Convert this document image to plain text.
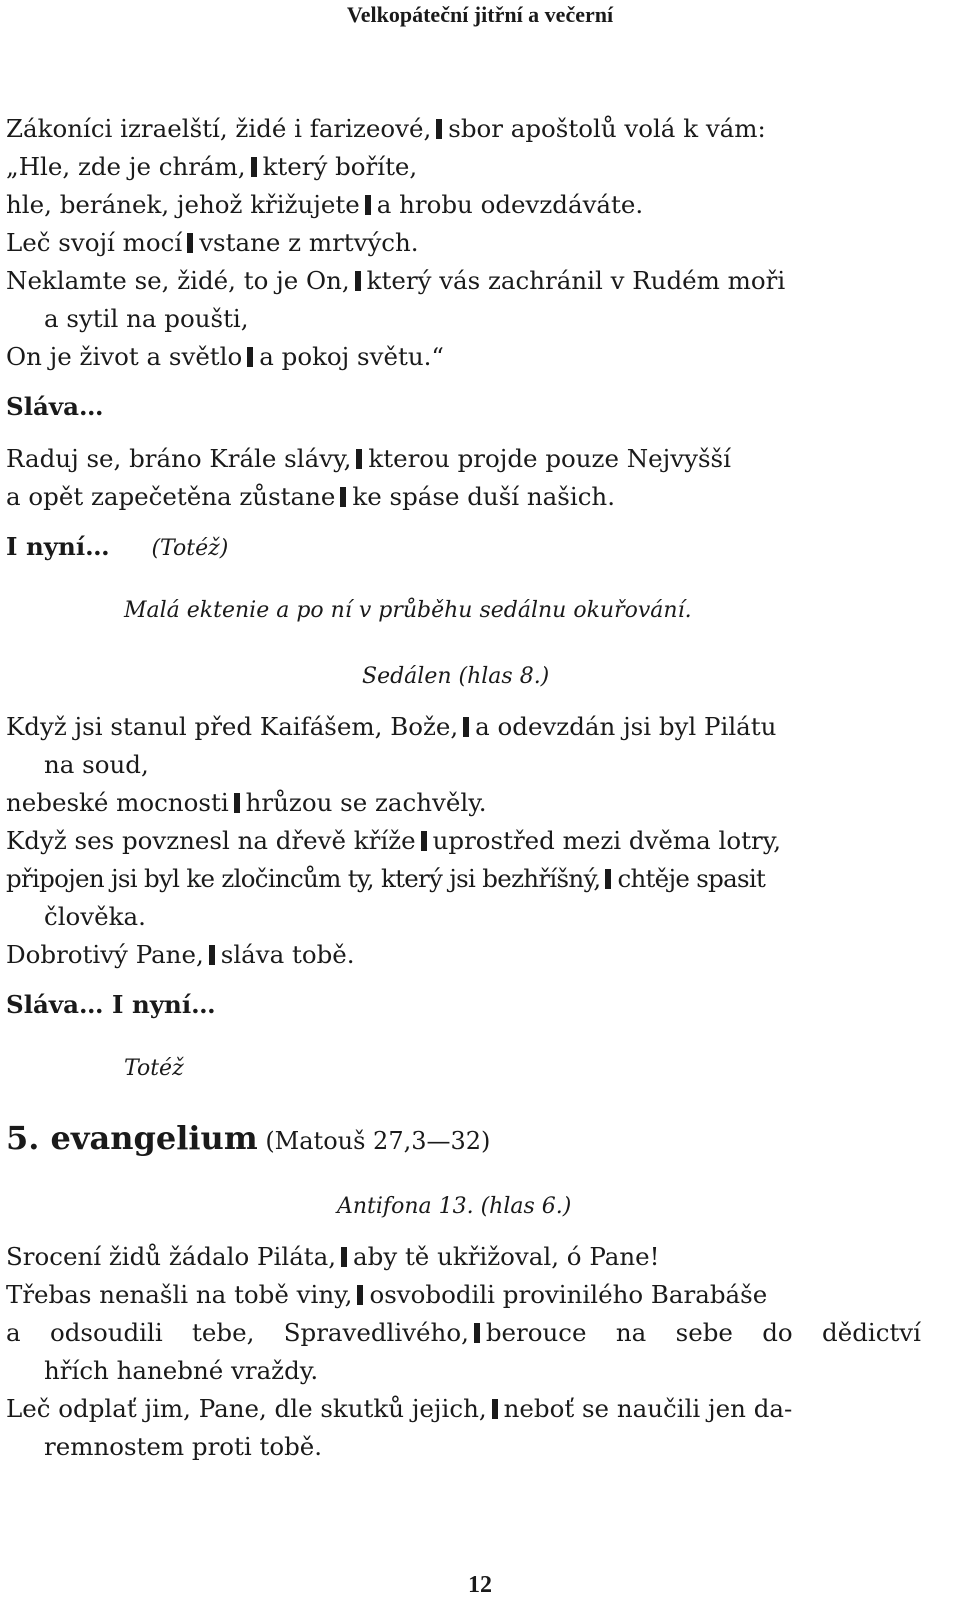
Velkopáteční jitřní a večerní
Zákoníci izraelští, židé i farizeové, sbor apoštolů volá k vám:
„Hle, zde je chrám, který boříte,
hle, beránek, jehož křižujete a hrobu odevzdáváte.
Leč svojí mocí vstane z mrtvých.
Neklamte se, židé, to je On, který vás zachránil v Rudém moři
a sytil na poušti,
On je život a světlo a pokoj světu.“
Sláva…
Raduj se, bráno Krále slávy, kterou projde pouze Nejvyšší
a opět zapečetěna zůstane ke spáse duší našich.
I nyní… (Totéž)
Malá ektenie a po ní v průběhu sedálnu okuřování.
Sedálen (hlas 8.)
Když jsi stanul před Kaifášem, Bože, a odevzdán jsi byl Pilátu
na soud,
nebeské mocnosti hrůzou se zachvěly.
Když ses povznesl na dřevě kříže uprostřed mezi dvěma lotry,
připojen jsi byl ke zločincům ty, který jsi bezhříšný, chtěje spasit
člověka.
Dobrotivý Pane, sláva tobě.
Sláva… I nyní…
Totéž
5. evangelium (Matouš 27,3—32)
Antifona 13. (hlas 6.)
Srocení židů žádalo Piláta, aby tě ukřižoval, ó Pane!
Třebas nenašli na tobě viny, osvobodili provinilého Barabáše
a odsoudili tebe, Spravedlivého, berouce na sebe do dědictví
hřích hanebné vraždy.
Leč odplať jim, Pane, dle skutků jejich, neboť se naučili jen da-
remnostem proti tobě.
12
